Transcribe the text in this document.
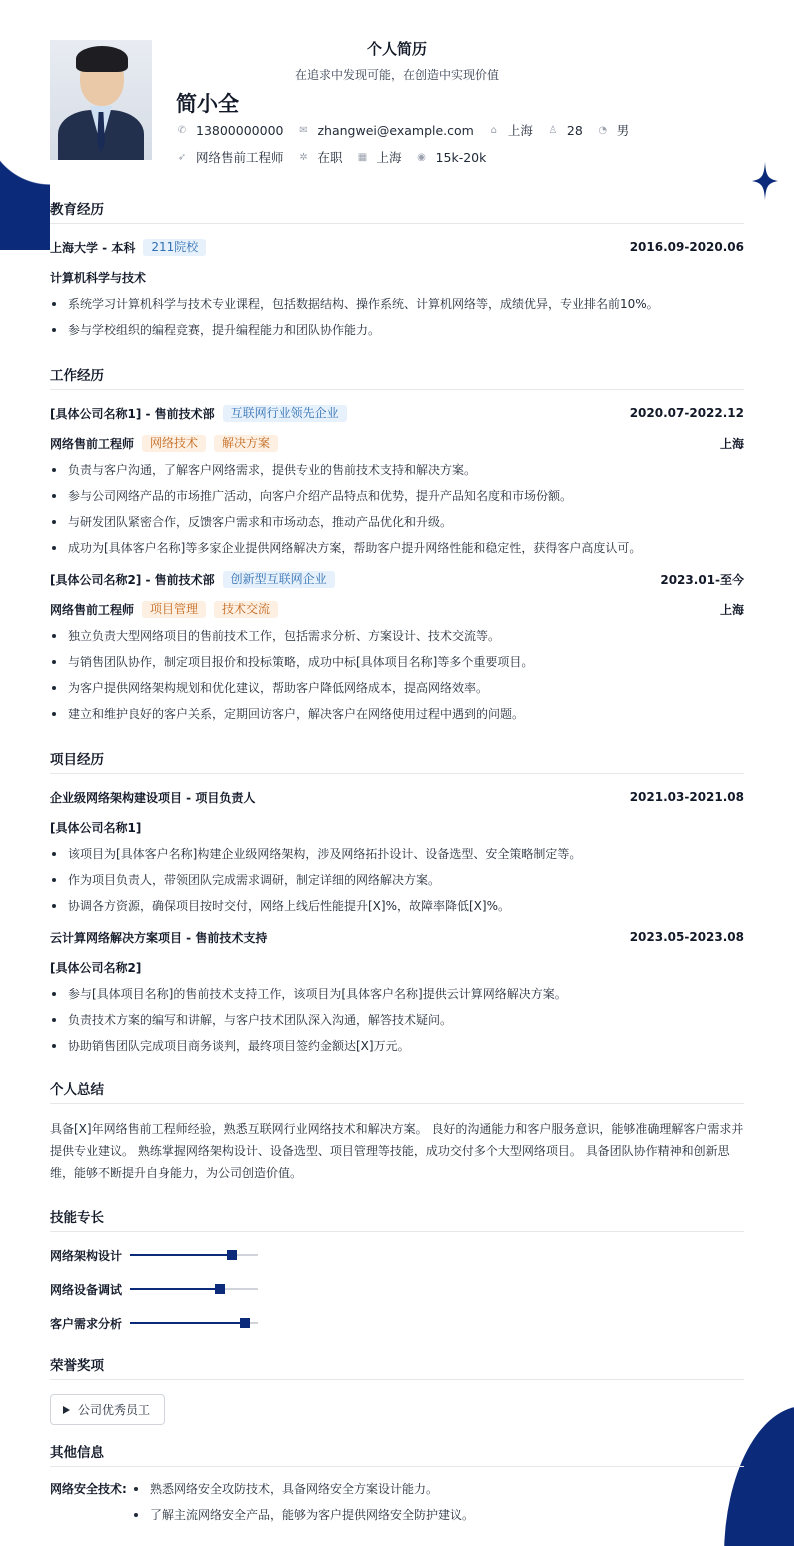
个人简历
在追求中发现可能，在创造中实现价值
简小全
✆ 13800000000 ✉ zhangwei@example.com ⌂ 上海 ♙ 28 ◔ 男
➶ 网络售前工程师 ✲ 在职 ▦ 上海 ◉ 15k-20k
教育经历
上海大学 - 本科	211院校	2016.09-2020.06
计算机科学与技术
系统学习计算机科学与技术专业课程，包括数据结构、操作系统、计算机网络等，成绩优异，专业排名前10%。
参与学校组织的编程竞赛，提升编程能力和团队协作能力。
工作经历
[具体公司名称1] - 售前技术部	互联网行业领先企业	2020.07-2022.12
网络售前工程师	网络技术	解决方案	上海
负责与客户沟通，了解客户网络需求，提供专业的售前技术支持和解决方案。
参与公司网络产品的市场推广活动，向客户介绍产品特点和优势，提升产品知名度和市场份额。
与研发团队紧密合作，反馈客户需求和市场动态，推动产品优化和升级。
成功为[具体客户名称]等多家企业提供网络解决方案，帮助客户提升网络性能和稳定性，获得客户高度认可。
[具体公司名称2] - 售前技术部	创新型互联网企业	2023.01-至今
网络售前工程师	项目管理	技术交流	上海
独立负责大型网络项目的售前技术工作，包括需求分析、方案设计、技术交流等。
与销售团队协作，制定项目报价和投标策略，成功中标[具体项目名称]等多个重要项目。
为客户提供网络架构规划和优化建议，帮助客户降低网络成本，提高网络效率。
建立和维护良好的客户关系，定期回访客户，解决客户在网络使用过程中遇到的问题。
项目经历
企业级网络架构建设项目 - 项目负责人	2021.03-2021.08
[具体公司名称1]
该项目为[具体客户名称]构建企业级网络架构，涉及网络拓扑设计、设备选型、安全策略制定等。
作为项目负责人，带领团队完成需求调研，制定详细的网络解决方案。
协调各方资源，确保项目按时交付，网络上线后性能提升[X]%，故障率降低[X]%。
云计算网络解决方案项目 - 售前技术支持	2023.05-2023.08
[具体公司名称2]
参与[具体项目名称]的售前技术支持工作，该项目为[具体客户名称]提供云计算网络解决方案。
负责技术方案的编写和讲解，与客户技术团队深入沟通，解答技术疑问。
协助销售团队完成项目商务谈判，最终项目签约金额达[X]万元。
个人总结
具备[X]年网络售前工程师经验，熟悉互联网行业网络技术和解决方案。 良好的沟通能力和客户服务意识，能够准确理解客户需求并提供专业建议。 熟练掌握网络架构设计、设备选型、项目管理等技能，成功交付多个大型网络项目。 具备团队协作精神和创新思维，能够不断提升自身能力，为公司创造价值。
技能专长
网络架构设计
网络设备调试
客户需求分析
荣誉奖项
公司优秀员工
其他信息
网络安全技术:	熟悉网络安全攻防技术，具备网络安全方案设计能力。
了解主流网络安全产品，能够为客户提供网络安全防护建议。
